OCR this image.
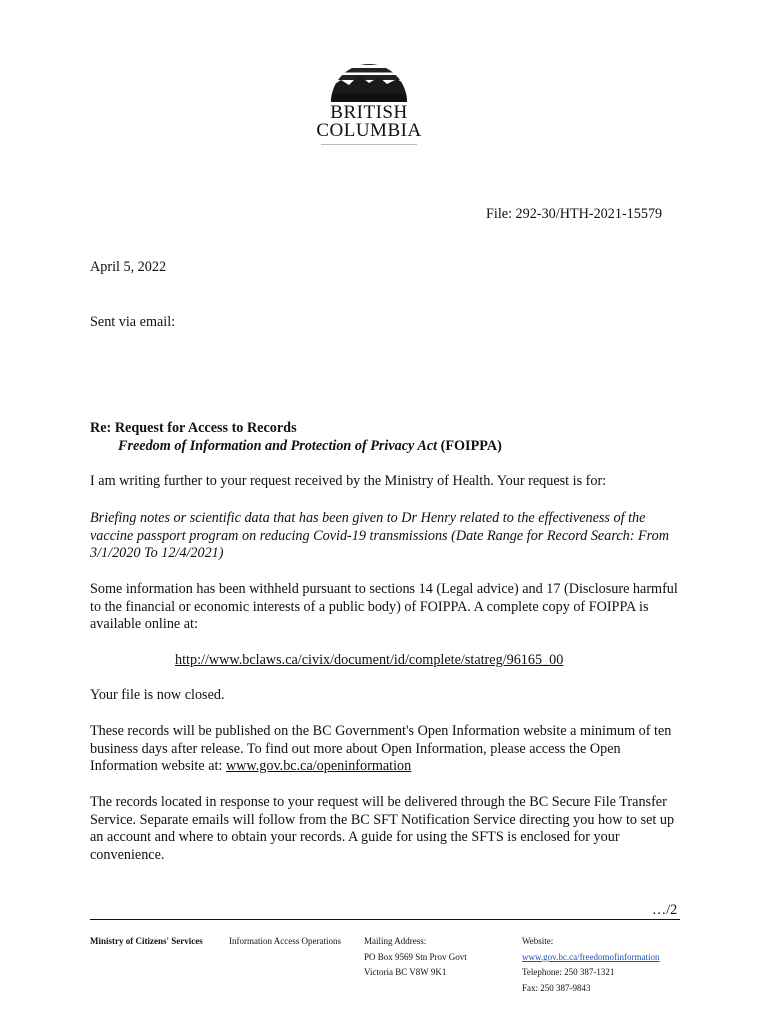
BRITISH
COLUMBIA
File: 292-30/HTH-2021-15579
April 5, 2022
Sent via email:
Re: Request for Access to Records
Freedom of Information and Protection of Privacy Act (FOIPPA)
I am writing further to your request received by the Ministry of Health. Your request is for:
Briefing notes or scientific data that has been given to Dr Henry related to the effectiveness of the vaccine passport program on reducing Covid-19 transmissions (Date Range for Record Search: From 3/1/2020 To 12/4/2021)
Some information has been withheld pursuant to sections 14 (Legal advice) and 17 (Disclosure harmful to the financial or economic interests of a public body) of FOIPPA. A complete copy of FOIPPA is available online at:
http://www.bclaws.ca/civix/document/id/complete/statreg/96165_00
Your file is now closed.
These records will be published on the BC Government's Open Information website a minimum of ten business days after release. To find out more about Open Information, please access the Open Information website at: www.gov.bc.ca/openinformation
The records located in response to your request will be delivered through the BC Secure File Transfer Service. Separate emails will follow from the BC SFT Notification Service directing you how to set up an account and where to obtain your records. A guide for using the SFTS is enclosed for your convenience.
…/2
Ministry of Citizens' Services	Information Access Operations	Mailing Address:
PO Box 9569 Stn Prov Govt
Victoria BC V8W 9K1
Website:
www.gov.bc.ca/freedomofinformation
Telephone: 250 387-1321
Fax: 250 387-9843
